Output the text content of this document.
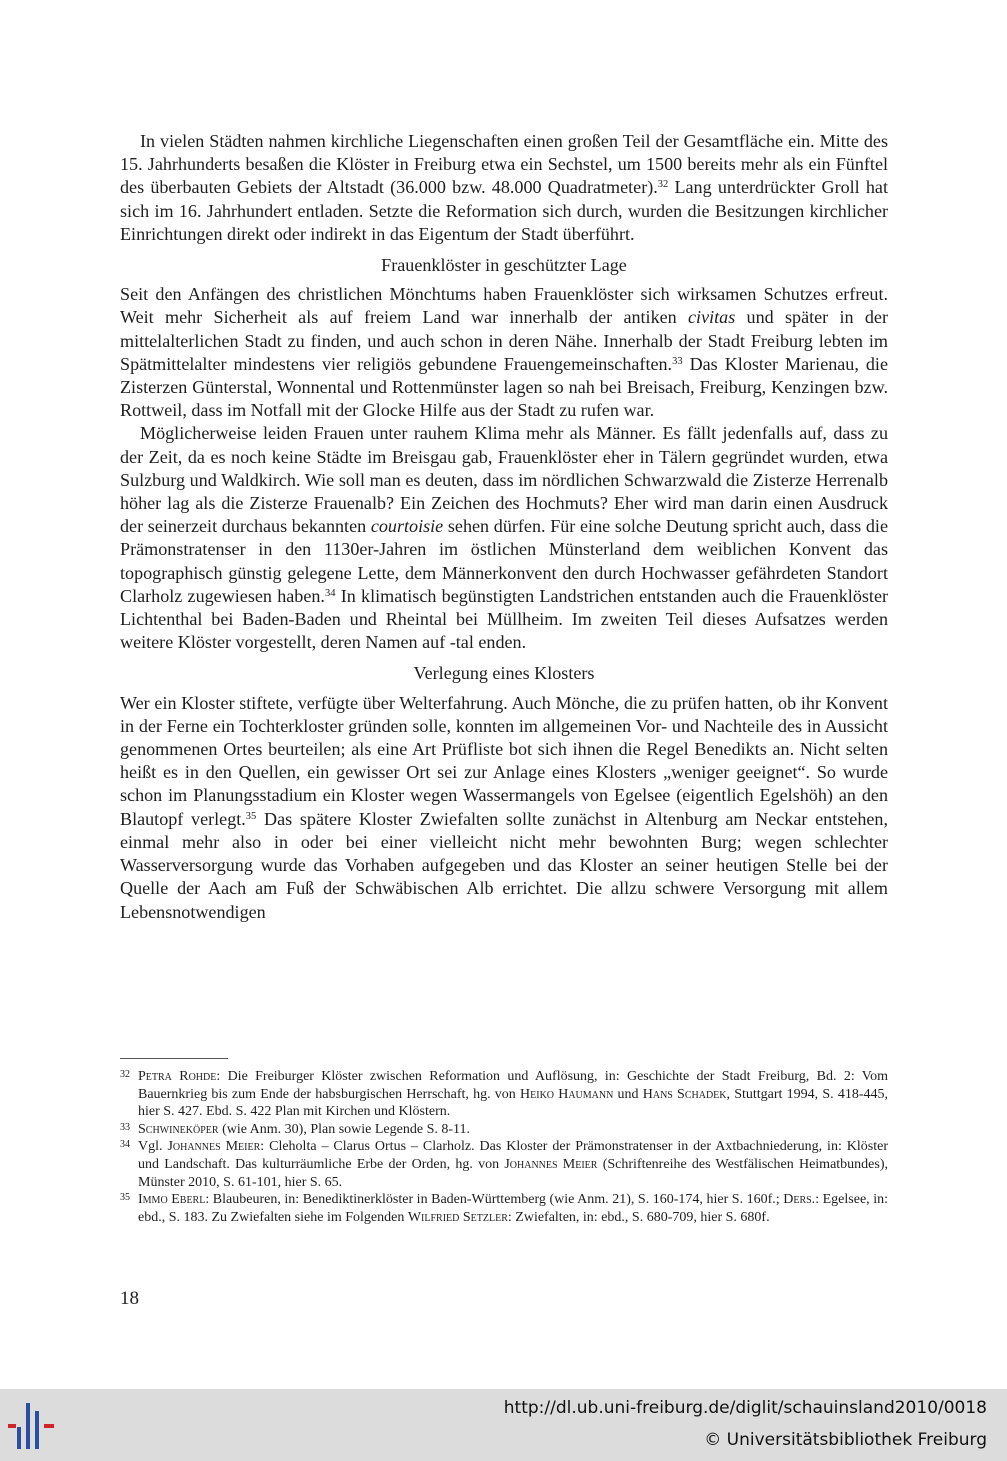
In vielen Städten nahmen kirchliche Liegenschaften einen großen Teil der Gesamtfläche ein. Mitte des 15. Jahrhunderts besaßen die Klöster in Freiburg etwa ein Sechstel, um 1500 bereits mehr als ein Fünftel des überbauten Gebiets der Altstadt (36.000 bzw. 48.000 Quadratmeter).$^{32}$ Lang unterdrückter Groll hat sich im 16. Jahrhundert entladen. Setzte die Reformation sich durch, wurden die Besitzungen kirchlicher Einrichtungen direkt oder indirekt in das Eigentum der Stadt überführt.

Frauenklöster in geschützter Lage

Seit den Anfängen des christlichen Mönchtums haben Frauenklöster sich wirksamen Schutzes erfreut. Weit mehr Sicherheit als auf freiem Land war innerhalb der antiken civitas und später in der mittelalterlichen Stadt zu finden, und auch schon in deren Nähe. Innerhalb der Stadt Freiburg lebten im Spätmittelalter mindestens vier religiös gebundene Frauengemeinschaften.$^{33}$ Das Kloster Marienau, die Zisterzen Günterstal, Wonnental und Rottenmünster lagen so nah bei Breisach, Freiburg, Kenzingen bzw. Rottweil, dass im Notfall mit der Glocke Hilfe aus der Stadt zu rufen war.

Möglicherweise leiden Frauen unter rauhem Klima mehr als Männer. Es fällt jedenfalls auf, dass zu der Zeit, da es noch keine Städte im Breisgau gab, Frauenklöster eher in Tälern gegründet wurden, etwa Sulzburg und Waldkirch. Wie soll man es deuten, dass im nördlichen Schwarzwald die Zisterze Herrenalb höher lag als die Zisterze Frauenalb? Ein Zeichen des Hochmuts? Eher wird man darin einen Ausdruck der seinerzeit durchaus bekannten courtoisie sehen dürfen. Für eine solche Deutung spricht auch, dass die Prämonstratenser in den 1130er-Jahren im östlichen Münsterland dem weiblichen Konvent das topographisch günstig gelegene Lette, dem Männerkonvent den durch Hochwasser gefährdeten Standort Clarholz zugewiesen haben.$^{34}$ In klimatisch begünstigten Landstrichen entstanden auch die Frauenklöster Lichtenthal bei Baden-Baden und Rheintal bei Müllheim. Im zweiten Teil dieses Aufsatzes werden weitere Klöster vorgestellt, deren Namen auf -tal enden.

Verlegung eines Klosters

Wer ein Kloster stiftete, verfügte über Welterfahrung. Auch Mönche, die zu prüfen hatten, ob ihr Konvent in der Ferne ein Tochterkloster gründen solle, konnten im allgemeinen Vor- und Nachteile des in Aussicht genommenen Ortes beurteilen; als eine Art Prüfliste bot sich ihnen die Regel Benedikts an. Nicht selten heißt es in den Quellen, ein gewisser Ort sei zur Anlage eines Klosters „weniger geeignet“. So wurde schon im Planungsstadium ein Kloster wegen Wassermangels von Egelsee (eigentlich Egelshöh) an den Blautopf verlegt.$^{35}$ Das spätere Kloster Zwiefalten sollte zunächst in Altenburg am Neckar entstehen, einmal mehr also in oder bei einer vielleicht nicht mehr bewohnten Burg; wegen schlechter Wasserversorgung wurde das Vorhaben aufgegeben und das Kloster an seiner heutigen Stelle bei der Quelle der Aach am Fuß der Schwäbischen Alb errichtet. Die allzu schwere Versorgung mit allem Lebensnotwendigen

32 Petra Rohde: Die Freiburger Klöster zwischen Reformation und Auflösung, in: Geschichte der Stadt Freiburg, Bd. 2: Vom Bauernkrieg bis zum Ende der habsburgischen Herrschaft, hg. von Heiko Haumann und Hans Schadek, Stuttgart 1994, S. 418-445, hier S. 427. Ebd. S. 422 Plan mit Kirchen und Klöstern.

33 Schwineköper (wie Anm. 30), Plan sowie Legende S. 8-11.

34 Vgl. Johannes Meier: Cleholta – Clarus Ortus – Clarholz. Das Kloster der Prämonstratenser in der Axtbachniederung, in: Klöster und Landschaft. Das kulturräumliche Erbe der Orden, hg. von Johannes Meier (Schriftenreihe des Westfälischen Heimatbundes), Münster 2010, S. 61-101, hier S. 65.

35 Immo Eberl: Blaubeuren, in: Benediktinerklöster in Baden-Württemberg (wie Anm. 21), S. 160-174, hier S. 160f.; Ders.: Egelsee, in: ebd., S. 183. Zu Zwiefalten siehe im Folgenden Wilfried Setzler: Zwiefalten, in: ebd., S. 680-709, hier S. 680f.

18
http://dl.ub.uni-freiburg.de/diglit/schauinsland2010/0018
© Universitätsbibliothek Freiburg
